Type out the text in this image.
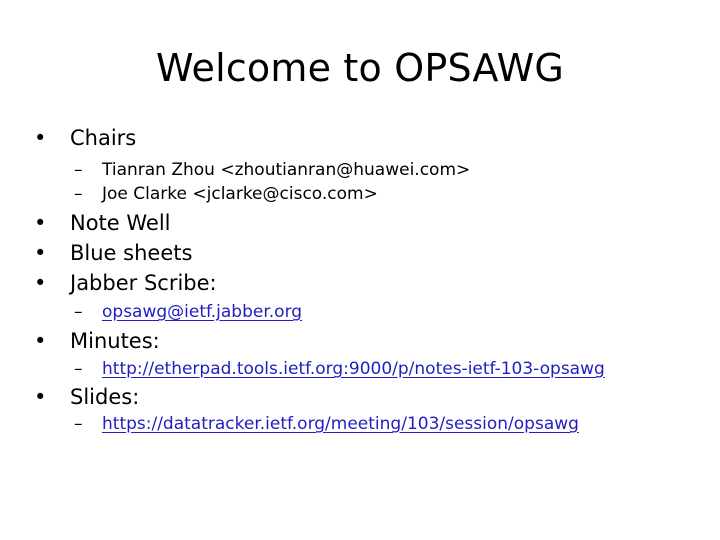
Welcome to OPSAWG
• Chairs
– Tianran Zhou <zhoutianran@huawei.com>
– Joe Clarke <jclarke@cisco.com>
• Note Well
• Blue sheets
• Jabber Scribe:
– opsawg@ietf.jabber.org
• Minutes:
– http://etherpad.tools.ietf.org:9000/p/notes-ietf-103-opsawg
• Slides:
– https://datatracker.ietf.org/meeting/103/session/opsawg
